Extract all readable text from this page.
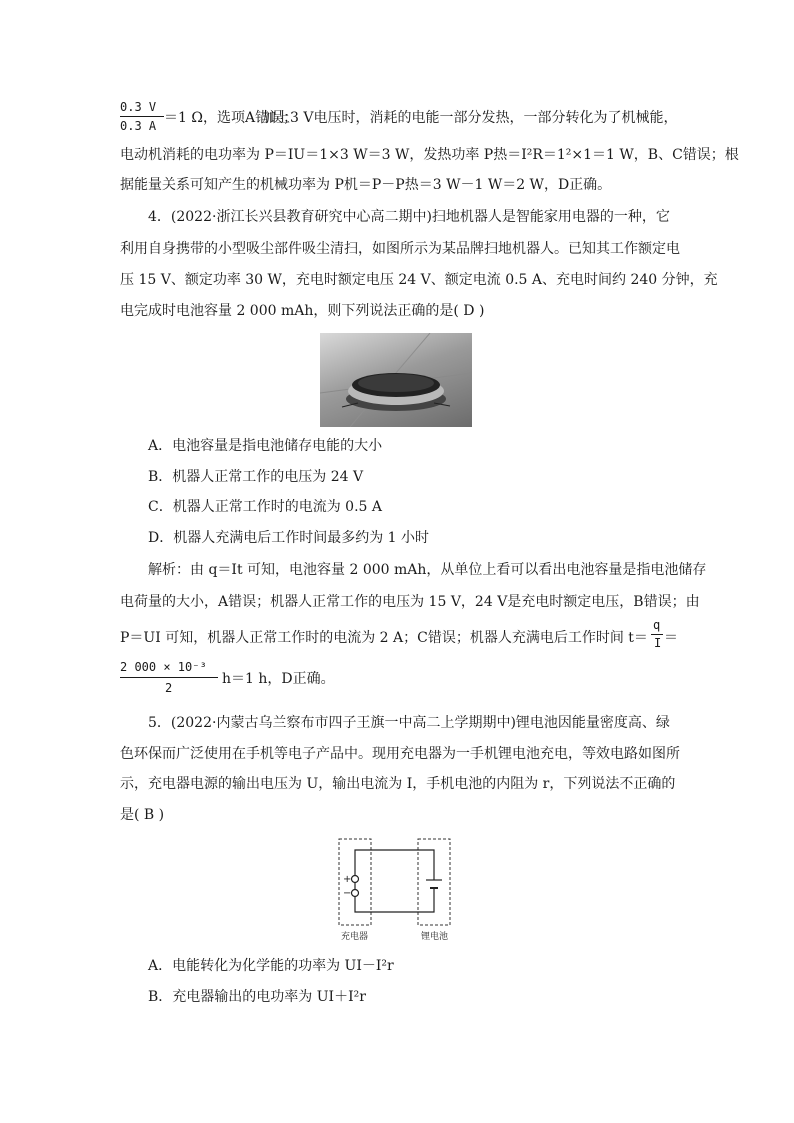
0.3 V
0.3 A ＝1 Ω，选项A错误；
加上3 V电压时，消耗的电能一部分发热，一部分转化为了机械能，
电动机消耗的电功率为 P＝IU＝1×3 W＝3 W，发热功率 P热＝I²R＝1²×1＝1 W，B、C错误；根
据能量关系可知产生的机械功率为 P机＝P－P热＝3 W－1 W＝2 W，D正确。
4．(2022·浙江长兴县教育研究中心高二期中)扫地机器人是智能家用电器的一种，它
利用自身携带的小型吸尘部件吸尘清扫，如图所示为某品牌扫地机器人。已知其工作额定电
压 15 V、额定功率 30 W，充电时额定电压 24 V、额定电流 0.5 A、充电时间约 240 分钟，充
电完成时电池容量 2 000 mAh，则下列说法正确的是( D )
A．电池容量是指电池储存电能的大小
B．机器人正常工作的电压为 24 V
C．机器人正常工作时的电流为 0.5 A
D．机器人充满电后工作时间最多约为 1 小时
解析：由 q＝It 可知，电池容量 2 000 mAh，从单位上看可以看出电池容量是指电池储存
电荷量的大小，A错误；机器人正常工作的电压为 15 V，24 V是充电时额定电压，B错误；由
P＝UI 可知，机器人正常工作时的电流为 2 A；C错误；机器人充满电后工作时间 t＝
q
I ＝
2 000 × 10⁻³
2
h＝1 h，D正确。
5．(2022·内蒙古乌兰察布市四子王旗一中高二上学期期中)锂电池因能量密度高、绿
色环保而广泛使用在手机等电子产品中。现用充电器为一手机锂电池充电，等效电路如图所
示，充电器电源的输出电压为 U，输出电流为 I，手机电池的内阻为 r，下列说法不正确的
是( B )
+
−
充电器	锂电池
A．电能转化为化学能的功率为 UI－I²r
B．充电器输出的电功率为 UI＋I²r
